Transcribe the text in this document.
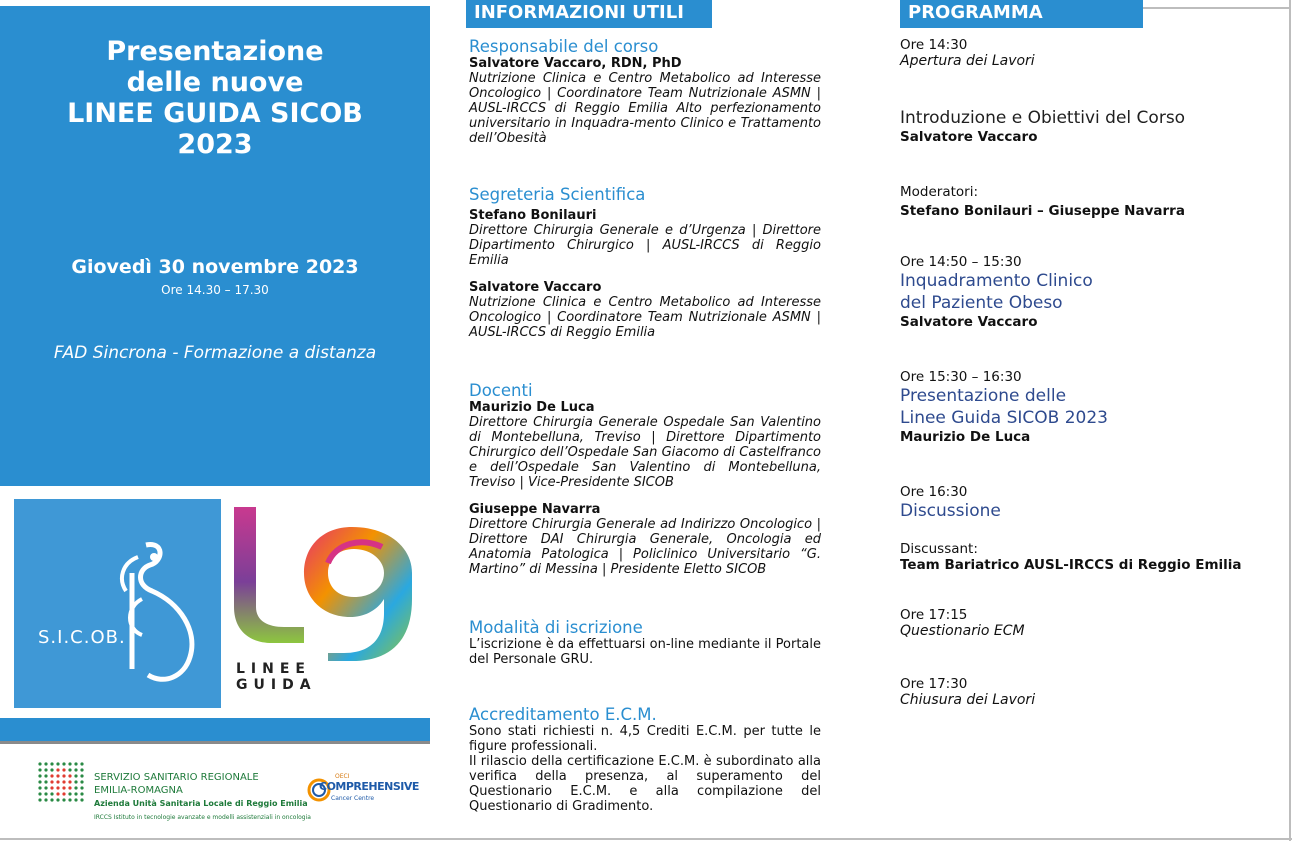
Presentazione
delle nuove
LINEE GUIDA SICOB
2023
Giovedì 30 novembre 2023
Ore 14.30 – 17.30
FAD Sincrona - Formazione a distanza
S.I.C.OB.
LINEE
GUIDA
SERVIZIO SANITARIO REGIONALE
EMILIA-ROMAGNA
Azienda Unità Sanitaria Locale di Reggio Emilia
IRCCS Istituto in tecnologie avanzate e modelli assistenziali in oncologia
OECI
COMPREHENSIVE
Cancer Centre
INFORMAZIONI UTILI
Responsabile del corso
Salvatore Vaccaro, RDN, PhD
Nutrizione Clinica e Centro Metabolico ad Interesse Oncologico | Coordinatore Team Nutrizionale ASMN | AUSL-IRCCS di Reggio Emilia Alto perfezionamento universitario in Inquadra-mento Clinico e Trattamento dell’Obesità
Segreteria Scientifica
Stefano Bonilauri
Direttore Chirurgia Generale e d’Urgenza | Direttore Dipartimento Chirurgico | AUSL-IRCCS di Reggio Emilia
Salvatore Vaccaro
Nutrizione Clinica e Centro Metabolico ad Interesse Oncologico | Coordinatore Team Nutrizionale ASMN | AUSL-IRCCS di Reggio Emilia
Docenti
Maurizio De Luca
Direttore Chirurgia Generale Ospedale San Valentino di Montebelluna, Treviso | Direttore Dipartimento Chirurgico dell’Ospedale San Giacomo di Castelfranco e dell’Ospedale San Valentino di Montebelluna, Treviso | Vice-Presidente SICOB
Giuseppe Navarra
Direttore Chirurgia Generale ad Indirizzo Oncologico | Direttore DAI Chirurgia Generale, Oncologia ed Anatomia Patologica | Policlinico Universitario “G. Martino” di Messina | Presidente Eletto SICOB
Modalità di iscrizione
L’iscrizione è da effettuarsi on-line mediante il Portale del Personale GRU.
Accreditamento E.C.M.
Sono stati richiesti n. 4,5 Crediti E.C.M. per tutte le figure professionali.
Il rilascio della certificazione E.C.M. è subordinato alla verifica della presenza, al superamento del Questionario E.C.M. e alla compilazione del Questionario di Gradimento.
PROGRAMMA
Ore 14:30
Apertura dei Lavori
Introduzione e Obiettivi del Corso
Salvatore Vaccaro
Moderatori:
Stefano Bonilauri – Giuseppe Navarra
Ore 14:50 – 15:30
Inquadramento Clinico
del Paziente Obeso
Salvatore Vaccaro
Ore 15:30 – 16:30
Presentazione delle
Linee Guida SICOB 2023
Maurizio De Luca
Ore 16:30
Discussione
Discussant:
Team Bariatrico AUSL-IRCCS di Reggio Emilia
Ore 17:15
Questionario ECM
Ore 17:30
Chiusura dei Lavori
